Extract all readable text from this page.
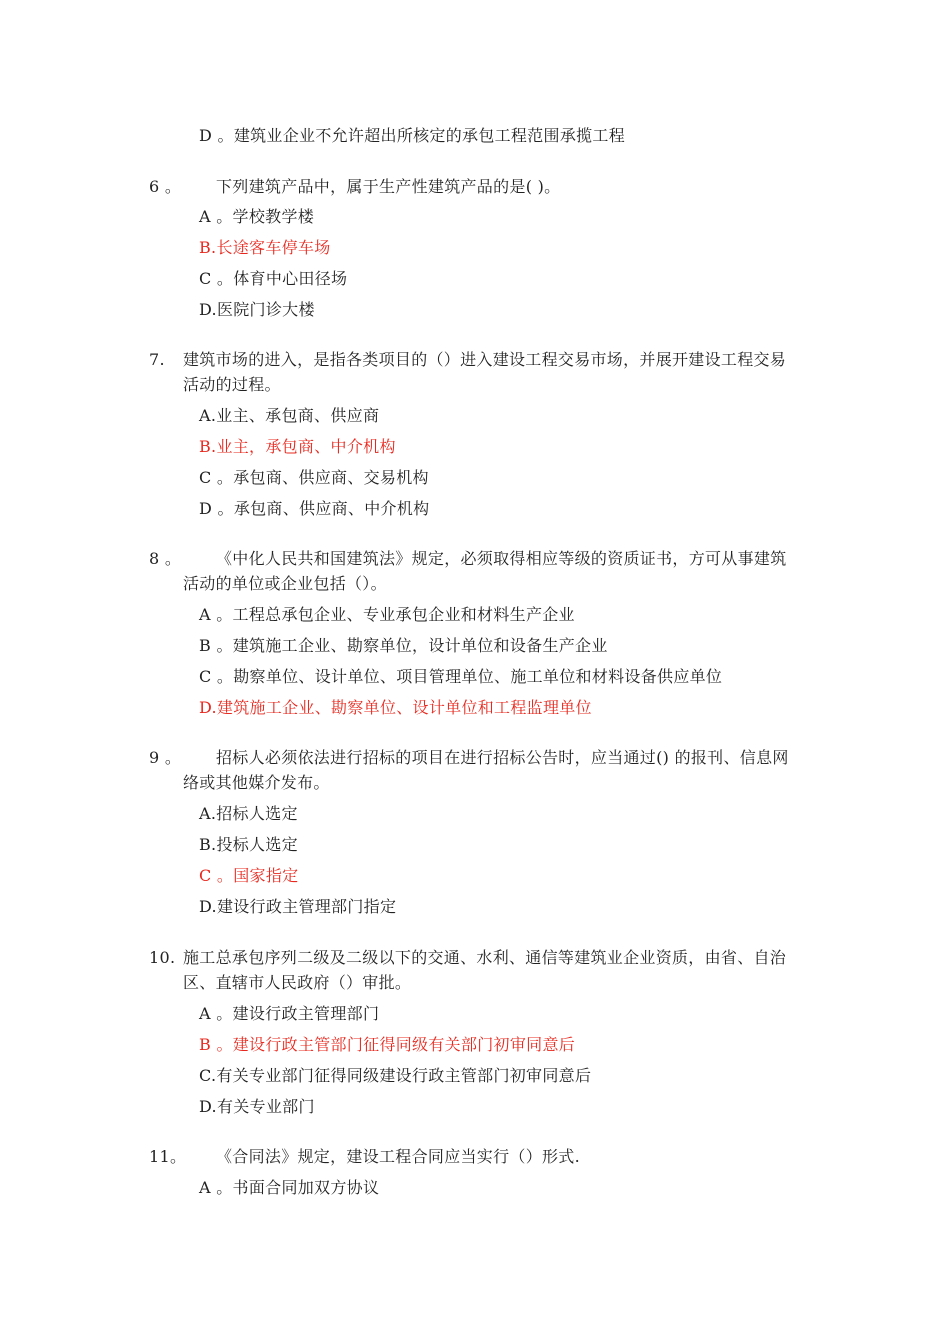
D 。建筑业企业不允许超出所核定的承包工程范围承揽工程
6 。 下列建筑产品中，属于生产性建筑产品的是( )。
A 。学校教学楼
B.长途客车停车场
C 。体育中心田径场
D.医院门诊大楼
7. 建筑市场的进入，是指各类项目的（）进入建设工程交易市场，并展开建设工程交易
活动的过程。
A.业主、承包商、供应商
B.业主，承包商、中介机构
C 。承包商、供应商、交易机构
D 。承包商、供应商、中介机构
8 。 《中化人民共和国建筑法》规定，必须取得相应等级的资质证书，方可从事建筑
活动的单位或企业包括（）。
A 。工程总承包企业、专业承包企业和材料生产企业
B 。建筑施工企业、勘察单位，设计单位和设备生产企业
C 。勘察单位、设计单位、项目管理单位、施工单位和材料设备供应单位
D.建筑施工企业、勘察单位、设计单位和工程监理单位
9 。 招标人必须依法进行招标的项目在进行招标公告时，应当通过() 的报刊、信息网
络或其他媒介发布。
A.招标人选定
B.投标人选定
C 。国家指定
D.建设行政主管理部门指定
10. 施工总承包序列二级及二级以下的交通、水利、通信等建筑业企业资质，由省、自治
区、直辖市人民政府（）审批。
A 。建设行政主管理部门
B 。建设行政主管部门征得同级有关部门初审同意后
C.有关专业部门征得同级建设行政主管部门初审同意后
D.有关专业部门
11。 《合同法》规定，建设工程合同应当实行（）形式.
A 。书面合同加双方协议
